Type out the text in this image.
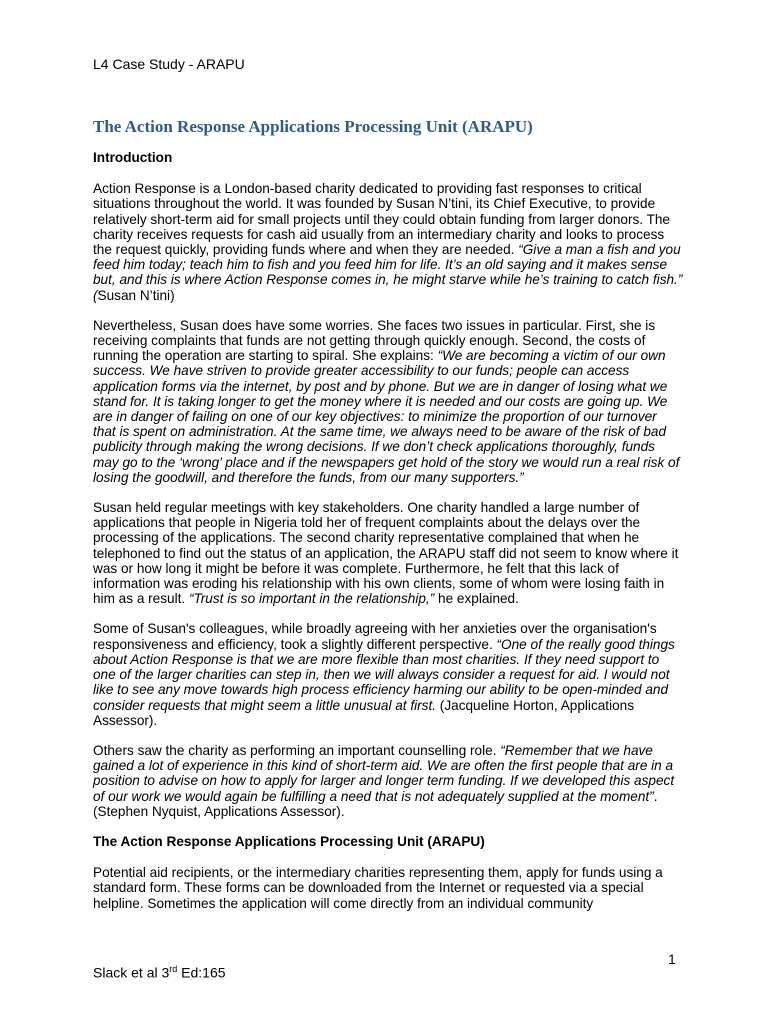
L4 Case Study - ARAPU
The Action Response Applications Processing Unit (ARAPU)
Introduction

Action Response is a London-based charity dedicated to providing fast responses to critical situations throughout the world. It was founded by Susan N’tini, its Chief Executive, to provide relatively short-term aid for small projects until they could obtain funding from larger donors. The charity receives requests for cash aid usually from an intermediary charity and looks to process the request quickly, providing funds where and when they are needed. “Give a man a fish and you feed him today; teach him to fish and you feed him for life. It’s an old saying and it makes sense but, and this is where Action Response comes in, he might starve while he’s training to catch fish.” (Susan N’tini)

Nevertheless, Susan does have some worries. She faces two issues in particular. First, she is receiving complaints that funds are not getting through quickly enough. Second, the costs of running the operation are starting to spiral. She explains: “We are becoming a victim of our own success. We have striven to provide greater accessibility to our funds; people can access application forms via the internet, by post and by phone. But we are in danger of losing what we stand for. It is taking longer to get the money where it is needed and our costs are going up. We are in danger of failing on one of our key objectives: to minimize the proportion of our turnover that is spent on administration. At the same time, we always need to be aware of the risk of bad publicity through making the wrong decisions. If we don’t check applications thoroughly, funds may go to the ‘wrong’ place and if the newspapers get hold of the story we would run a real risk of losing the goodwill, and therefore the funds, from our many supporters.”

Susan held regular meetings with key stakeholders. One charity handled a large number of applications that people in Nigeria told her of frequent complaints about the delays over the processing of the applications. The second charity representative complained that when he telephoned to find out the status of an application, the ARAPU staff did not seem to know where it was or how long it might be before it was complete. Furthermore, he felt that this lack of information was eroding his relationship with his own clients, some of whom were losing faith in him as a result. “Trust is so important in the relationship,” he explained.

Some of Susan's colleagues, while broadly agreeing with her anxieties over the organisation's responsiveness and efficiency, took a slightly different perspective. “One of the really good things about Action Response is that we are more flexible than most charities. If they need support to one of the larger charities can step in, then we will always consider a request for aid. I would not like to see any move towards high process efficiency harming our ability to be open-minded and consider requests that might seem a little unusual at first. (Jacqueline Horton, Applications Assessor).

Others saw the charity as performing an important counselling role. “Remember that we have gained a lot of experience in this kind of short-term aid. We are often the first people that are in a position to advise on how to apply for larger and longer term funding. If we developed this aspect of our work we would again be fulfilling a need that is not adequately supplied at the moment”. (Stephen Nyquist, Applications Assessor).

The Action Response Applications Processing Unit (ARAPU)

Potential aid recipients, or the intermediary charities representing them, apply for funds using a standard form. These forms can be downloaded from the Internet or requested via a special helpline. Sometimes the application will come directly from an individual community

1
Slack et al 3rd Ed:165
